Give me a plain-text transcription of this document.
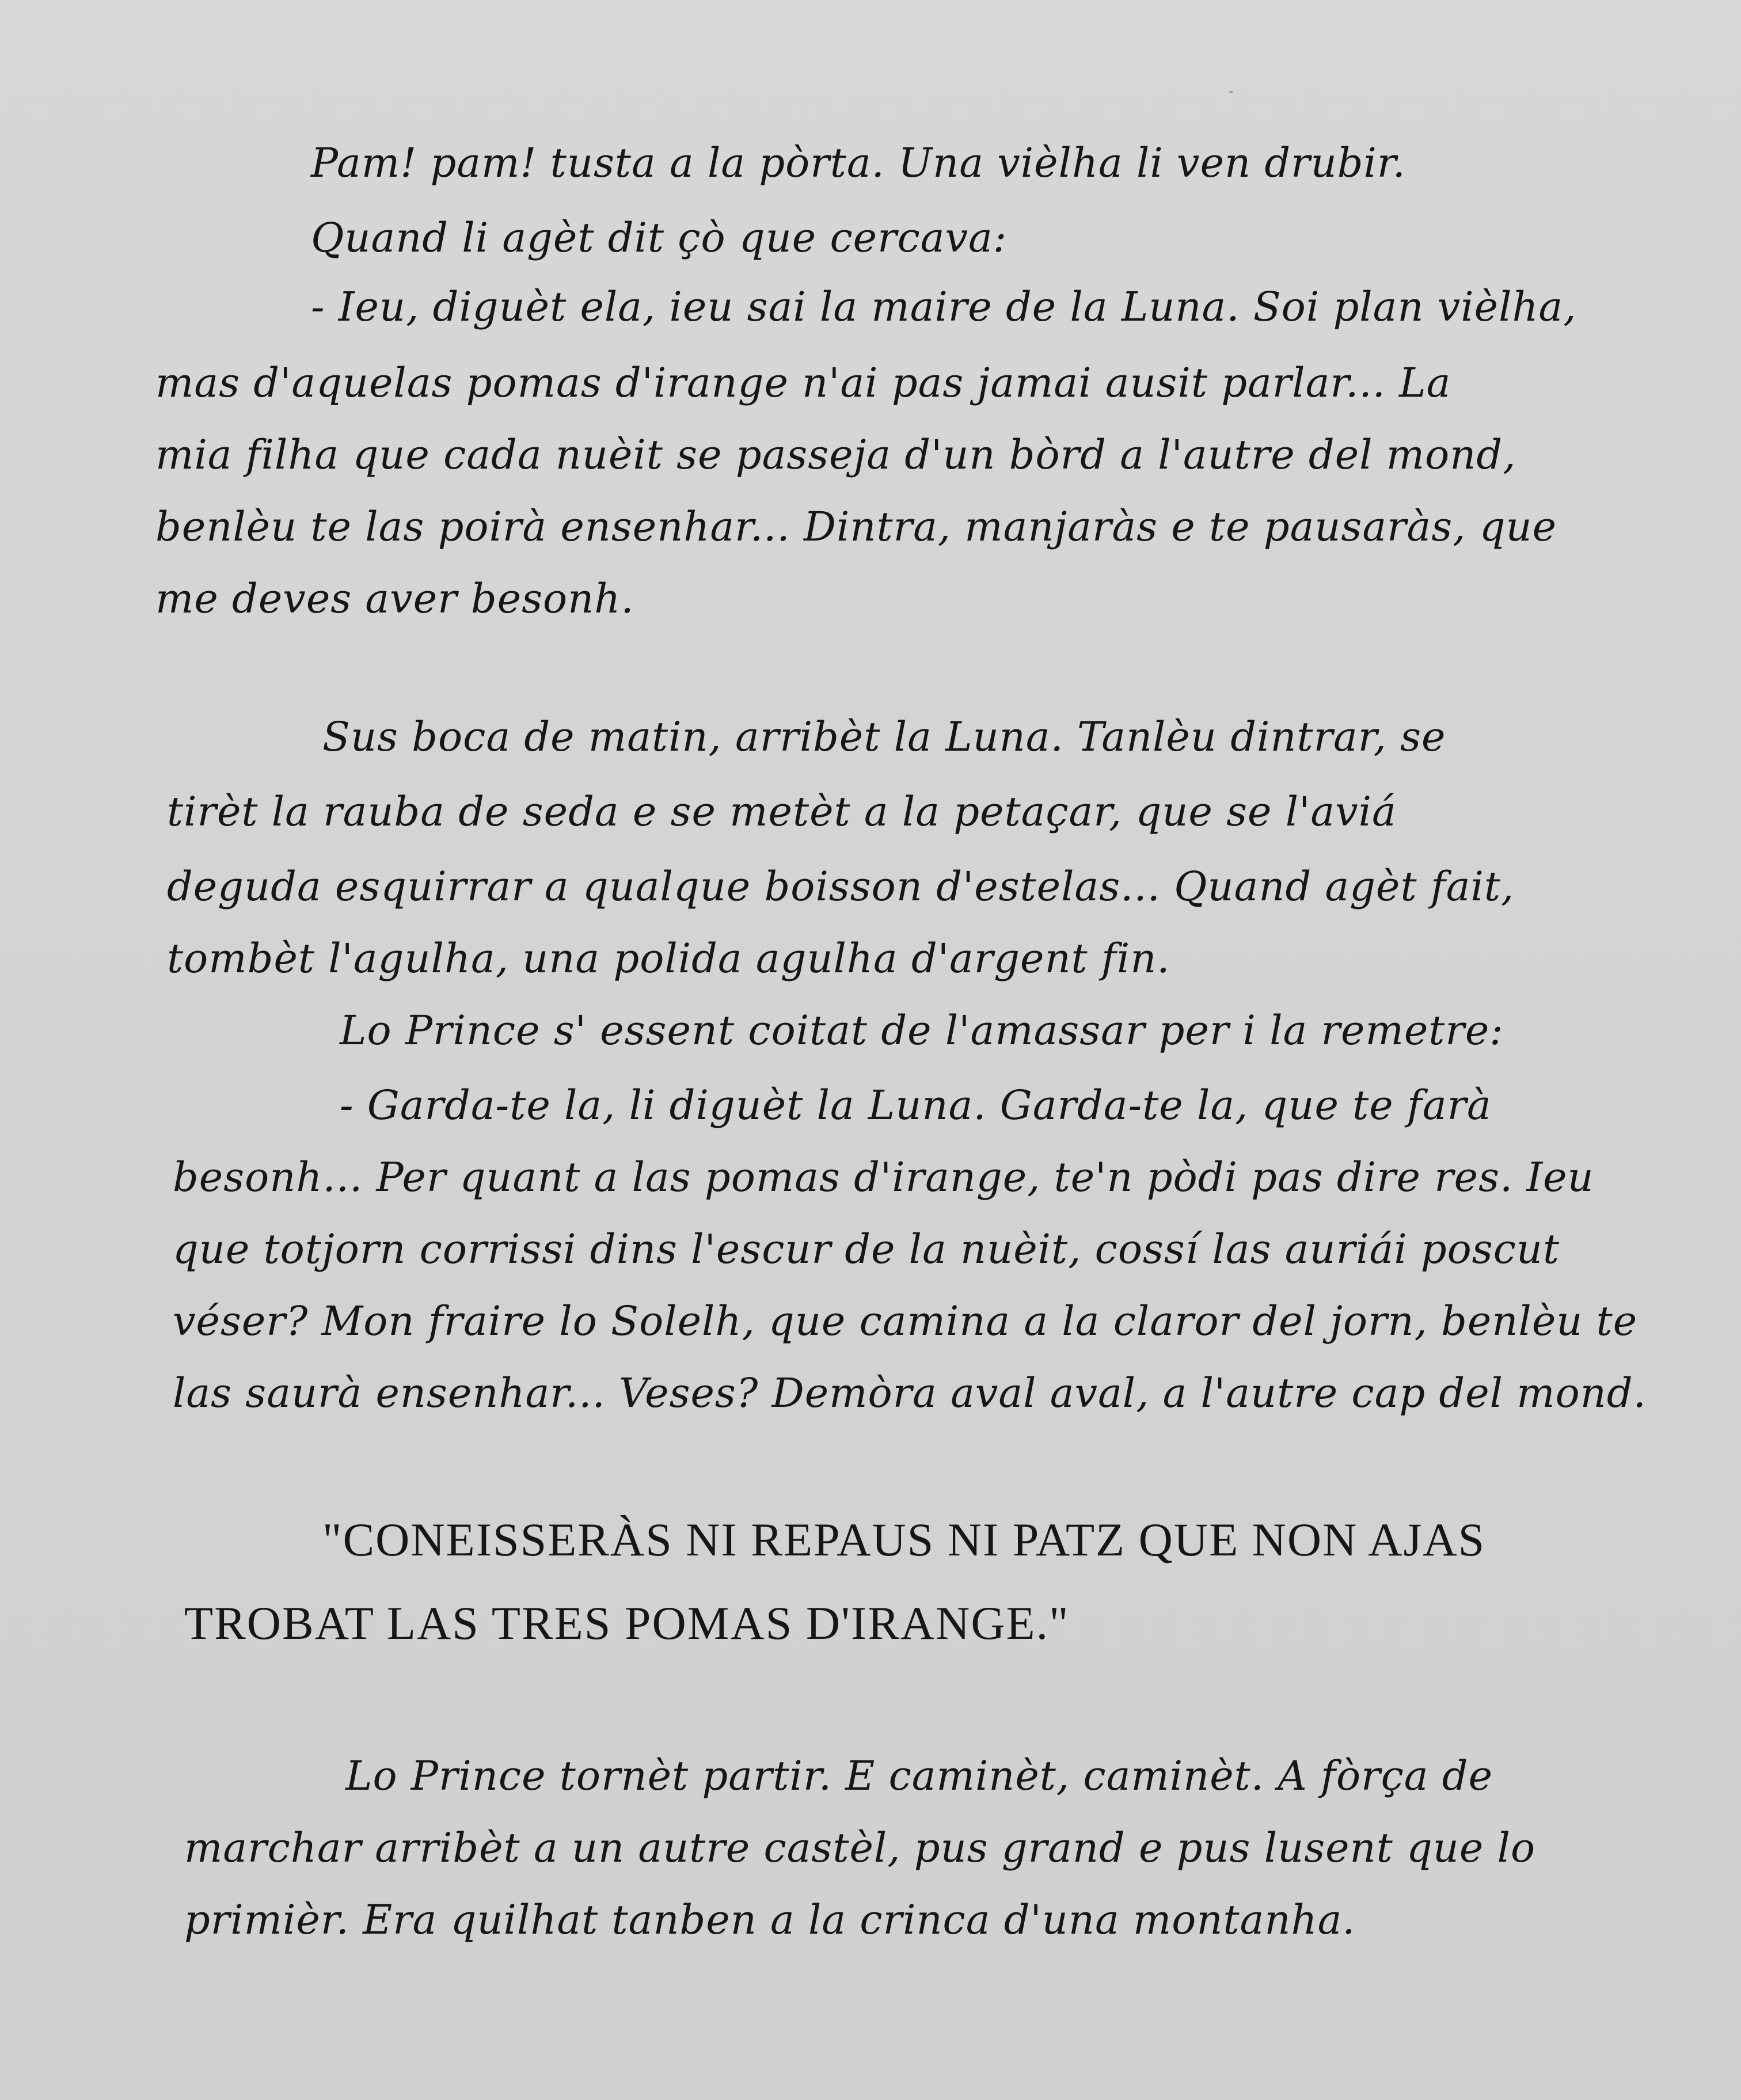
Pam! pam! tusta a la pòrta. Una vièlha li ven drubir.
Quand li agèt dit çò que cercava:
- Ieu, diguèt ela, ieu sai la maire de la Luna. Soi plan vièlha,
mas d'aquelas pomas d'irange n'ai pas jamai ausit parlar... La
mia filha que cada nuèit se passeja d'un bòrd a l'autre del mond,
benlèu te las poirà ensenhar... Dintra, manjaràs e te pausaràs, que
me deves aver besonh.
Sus boca de matin, arribèt la Luna. Tanlèu dintrar, se
tirèt la rauba de seda e se metèt a la petaçar, que se l'aviá
deguda esquirrar a qualque boisson d'estelas... Quand agèt fait,
tombèt l'agulha, una polida agulha d'argent fin.
Lo Prince s' essent coitat de l'amassar per i la remetre:
- Garda-te la, li diguèt la Luna. Garda-te la, que te farà
besonh... Per quant a las pomas d'irange, te'n pòdi pas dire res. Ieu
que totjorn corrissi dins l'escur de la nuèit, cossí las auriái poscut
véser? Mon fraire lo Solelh, que camina a la claror del jorn, benlèu te
las saurà ensenhar... Veses? Demòra aval aval, a l'autre cap del mond.
"CONEISSERÀS NI REPAUS NI PATZ QUE NON AJAS
TROBAT LAS TRES POMAS D'IRANGE."
Lo Prince tornèt partir. E caminèt, caminèt. A fòrça de
marchar arribèt a un autre castèl, pus grand e pus lusent que lo
primièr. Era quilhat tanben a la crinca d'una montanha.
